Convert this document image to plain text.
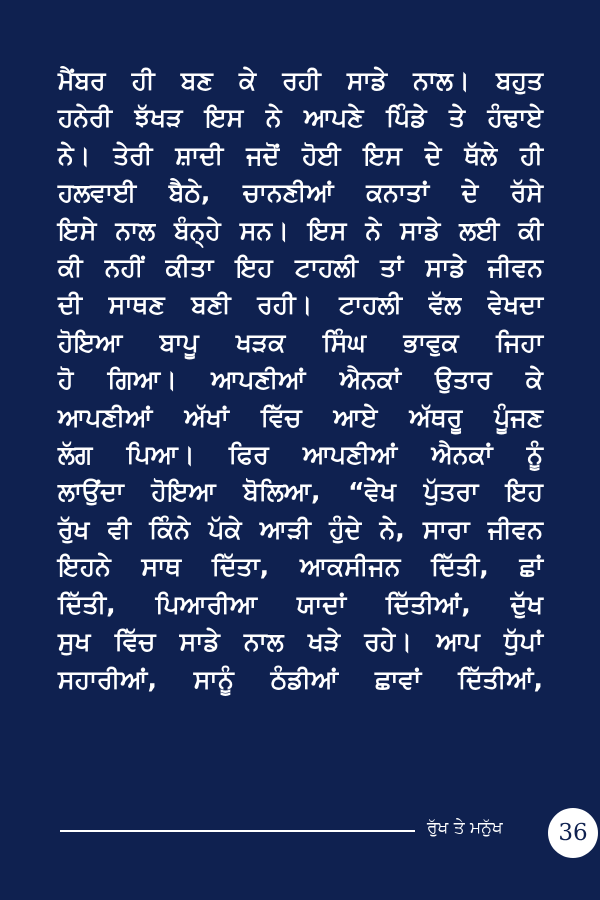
ਮੈਂਬਰ ਹੀ ਬਣ ਕੇ ਰਹੀ ਸਾਡੇ ਨਾਲ। ਬਹੁਤ
ਹਨੇਰੀ ਝੱਖੜ ਇਸ ਨੇ ਆਪਣੇ ਪਿੰਡੇ ਤੇ ਹੰਢਾਏ
ਨੇ। ਤੇਰੀ ਸ਼ਾਦੀ ਜਦੋਂ ਹੋਈ ਇਸ ਦੇ ਥੱਲੇ ਹੀ
ਹਲਵਾਈ ਬੈਠੇ, ਚਾਨਣੀਆਂ ਕਨਾਤਾਂ ਦੇ ਰੱਸੇ
ਇਸੇ ਨਾਲ ਬੰਨ੍ਹੇ ਸਨ। ਇਸ ਨੇ ਸਾਡੇ ਲਈ ਕੀ
ਕੀ ਨਹੀਂ ਕੀਤਾ ਇਹ ਟਾਹਲੀ ਤਾਂ ਸਾਡੇ ਜੀਵਨ
ਦੀ ਸਾਥਣ ਬਣੀ ਰਹੀ। ਟਾਹਲੀ ਵੱਲ ਵੇਖਦਾ
ਹੋਇਆ ਬਾਪੂ ਖੜਕ ਸਿੰਘ ਭਾਵੁਕ ਜਿਹਾ
ਹੋ ਗਿਆ। ਆਪਣੀਆਂ ਐਨਕਾਂ ਉਤਾਰ ਕੇ
ਆਪਣੀਆਂ ਅੱਖਾਂ ਵਿੱਚ ਆਏ ਅੱਥਰੂ ਪੂੰਜਣ
ਲੱਗ ਪਿਆ। ਫਿਰ ਆਪਣੀਆਂ ਐਨਕਾਂ ਨੂੰ
ਲਾਉਂਦਾ ਹੋਇਆ ਬੋਲਿਆ, “ਵੇਖ ਪੁੱਤਰਾ ਇਹ
ਰੁੱਖ ਵੀ ਕਿੰਨੇ ਪੱਕੇ ਆੜੀ ਹੁੰਦੇ ਨੇ, ਸਾਰਾ ਜੀਵਨ
ਇਹਨੇ ਸਾਥ ਦਿੱਤਾ, ਆਕਸੀਜਨ ਦਿੱਤੀ, ਛਾਂ
ਦਿੱਤੀ, ਪਿਆਰੀਆ ਯਾਦਾਂ ਦਿੱਤੀਆਂ, ਦੁੱਖ
ਸੁਖ ਵਿੱਚ ਸਾਡੇ ਨਾਲ ਖੜੇ ਰਹੇ। ਆਪ ਧੁੱਪਾਂ
ਸਹਾਰੀਆਂ, ਸਾਨੂੰ ਠੰਡੀਆਂ ਛਾਵਾਂ ਦਿੱਤੀਆਂ,
ਰੁੱਖ ਤੇ ਮਨੁੱਖ 36
